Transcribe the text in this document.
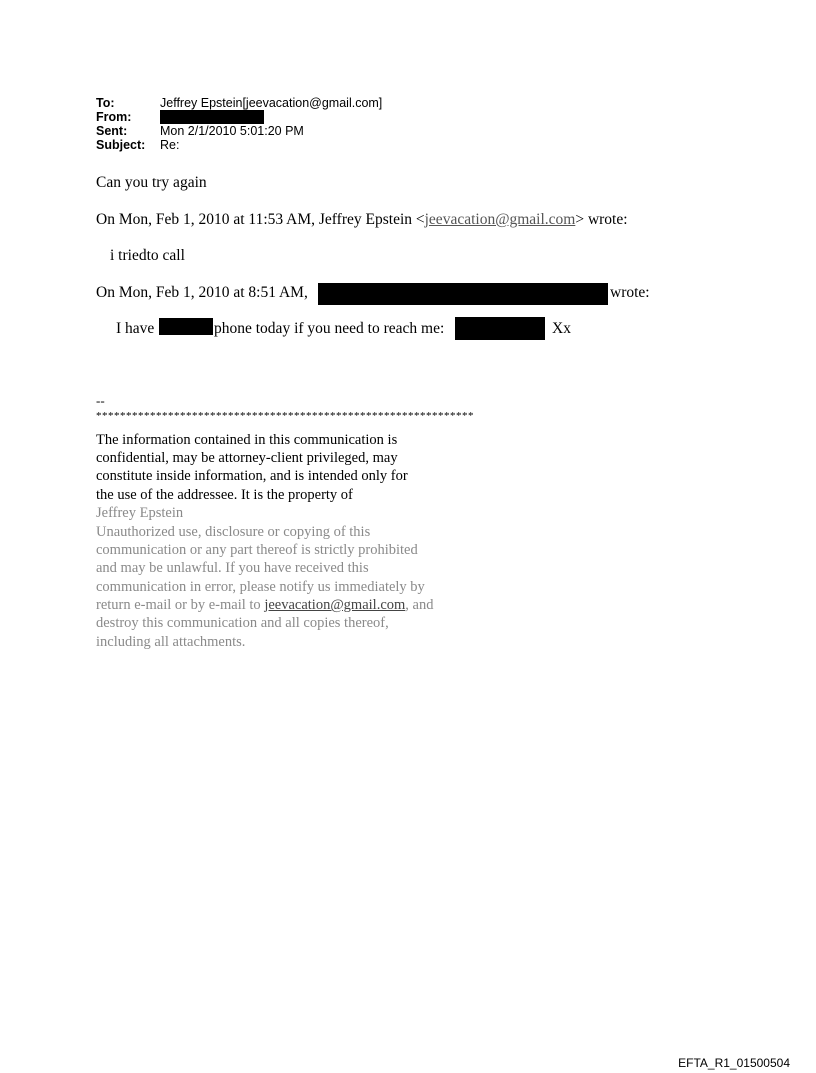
To:	Jeffrey Epstein[jeevacation@gmail.com]
From:
Sent:	Mon 2/1/2010 5:01:20 PM
Subject:	Re:
Can you try again
On Mon, Feb 1, 2010 at 11:53 AM, Jeffrey Epstein <jeevacation@gmail.com> wrote:
i triedto call
On Mon, Feb 1, 2010 at 8:51 AM,	wrote:
I have	phone today if you need to reach me:	Xx
--
***************************************************************
The information contained in this communication is
confidential, may be attorney-client privileged, may
constitute inside information, and is intended only for
the use of the addressee. It is the property of
Jeffrey Epstein
Unauthorized use, disclosure or copying of this
communication or any part thereof is strictly prohibited
and may be unlawful. If you have received this
communication in error, please notify us immediately by
return e-mail or by e-mail to jeevacation@gmail.com, and
destroy this communication and all copies thereof,
including all attachments.
EFTA_R1_01500504
